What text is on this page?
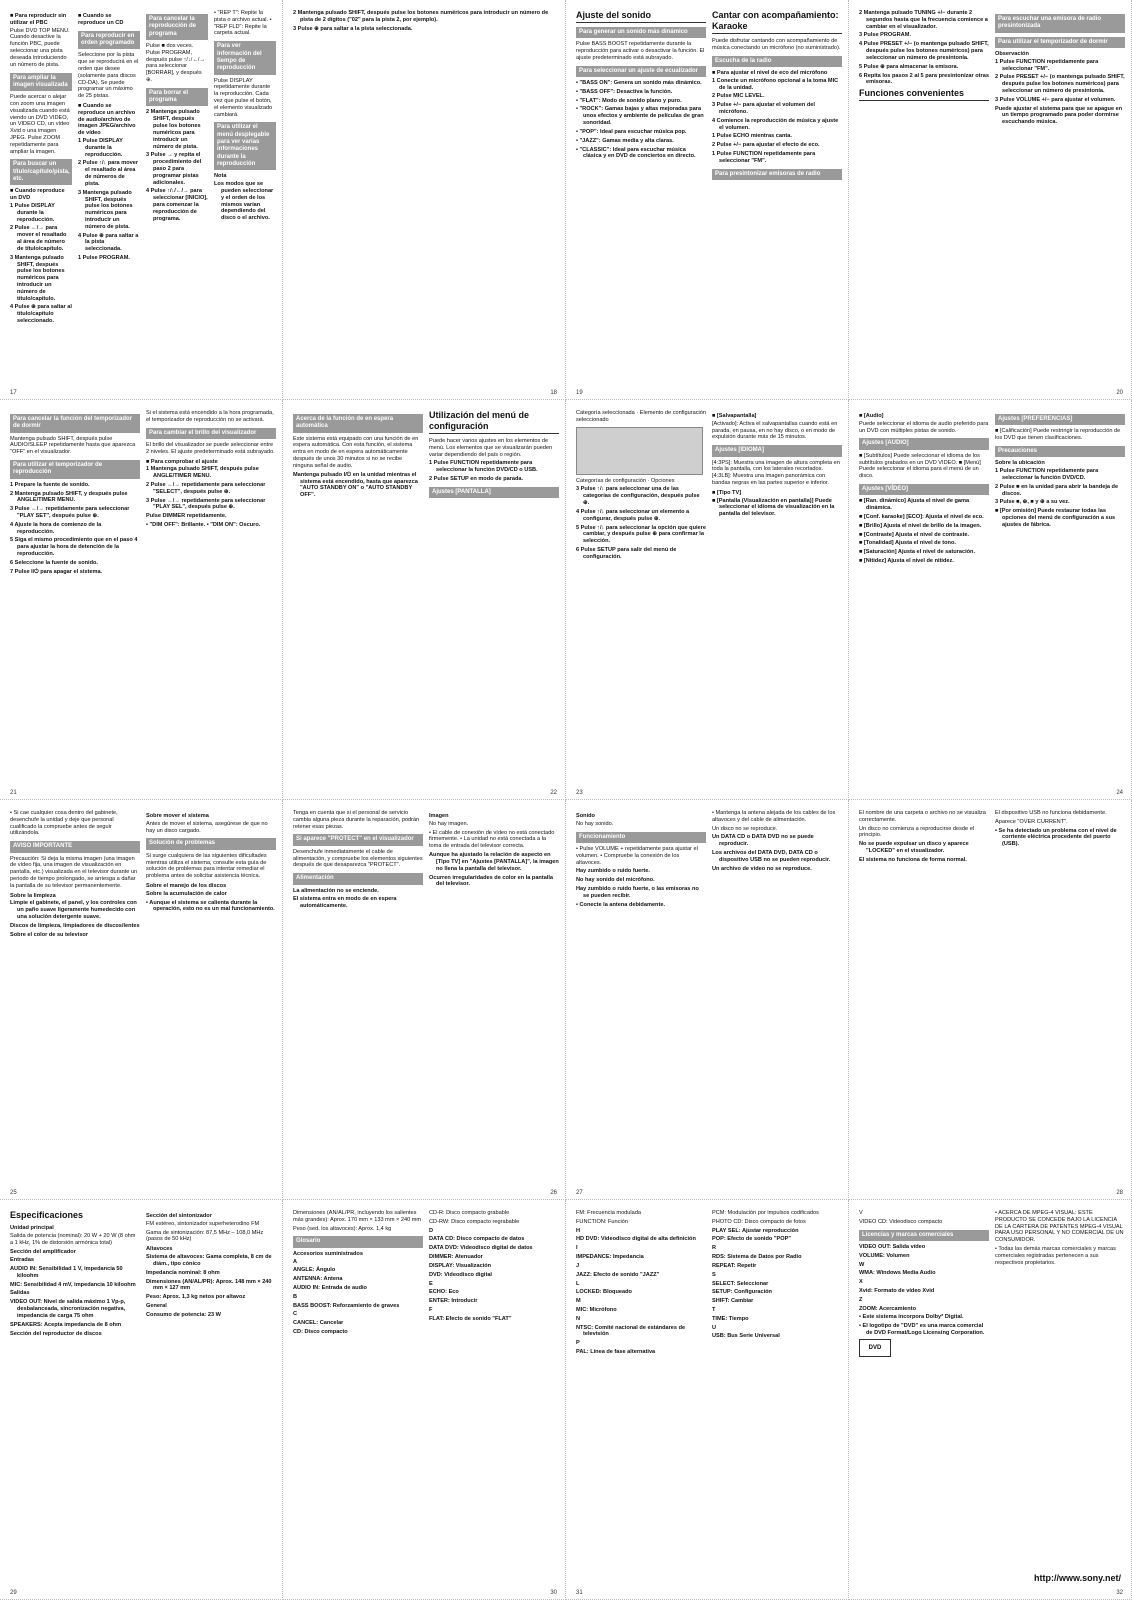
■ Para reproducir sin utilizar el PBC
Pulse DVD TOP MENU. Cuando desactive la función PBC, puede seleccionar una pista deseada introduciendo un número de pista.
Para ampliar la imagen visualizada
Puede acercar o alejar con zoom una imagen visualizada cuando está viendo un DVD VIDEO, un VIDEO CD, un vídeo Xvid o una imagen JPEG. Pulse ZOOM repetidamente para ampliar la imagen.
Para buscar un título/capítulo/pista, etc.
■ Cuando reproduce un DVD
1 Pulse DISPLAY durante la reproducción.
2 Pulse ←/→ para mover el resaltado al área de número de título/capítulo.
3 Mantenga pulsado SHIFT, después pulse los botones numéricos para introducir un número de título/capítulo.
4 Pulse ⊕ para saltar al título/capítulo seleccionado.
■ Cuando se reproduce un CD
Para reproducir en orden programado
Seleccione por la pista que se reproducirá en el orden que desee (solamente para discos CD-DA). Se puede programar un máximo de 25 pistas.
■ Cuando se reproduce un archivo de audio/archivo de imagen JPEG/archivo de vídeo
1 Pulse DISPLAY durante la reproducción.
2 Pulse ↑/↓ para mover el resaltado al área de números de pista.
3 Mantenga pulsado SHIFT, después pulse los botones numéricos para introducir un número de pista.
4 Pulse ⊕ para saltar a la pista seleccionada.
1 Pulse PROGRAM.
Para cancelar la reproducción de programa
Pulse ■ dos veces. Pulse PROGRAM, después pulse ↑/↓/←/→ para seleccionar [BORRAR], y después ⊕.
Para borrar el programa
2 Mantenga pulsado SHIFT, después pulse los botones numéricos para introducir un número de pista.
3 Pulse → y repita el procedimiento del paso 2 para programar pistas adicionales.
4 Pulse ↑/↓/←/→ para seleccionar [INICIO], para comenzar la reproducción de programa.
• "REP T": Repite la pista o archivo actual. • "REP FLD": Repite la carpeta actual.
Para ver información del tiempo de reproducción
Pulse DISPLAY repetidamente durante la reproducción. Cada vez que pulse el botón, el elemento visualizado cambiará.
Para utilizar el menú desplegable para ver varias informaciones durante la reproducción
Nota
Los modos que se pueden seleccionar y el orden de los mismos varían dependiendo del disco o el archivo.
17
2 Mantenga pulsado SHIFT, después pulse los botones numéricos para introducir un número de pista de 2 dígitos ("02" para la pista 2, por ejemplo).
3 Pulse ⊕ para saltar a la pista seleccionada.
18
Ajuste del sonido
Para generar un sonido más dinámico
Pulse BASS BOOST repetidamente durante la reproducción para activar o desactivar la función. El ajuste predeterminado está subrayado.
Para seleccionar un ajuste de ecualizador
• "BASS ON": Genera un sonido más dinámico.
• "BASS OFF": Desactiva la función.
• "FLAT": Modo de sonido plano y puro.
• "ROCK": Gamas bajas y altas mejoradas para unos efectos y ambiente de películas de gran sonoridad.
• "POP": Ideal para escuchar música pop.
• "JAZZ": Gamas media y alta claras.
• "CLASSIC": Ideal para escuchar música clásica y en DVD de conciertos en directo.
Cantar con acompañamiento: Karaoke
Puede disfrutar cantando con acompañamiento de música conectando un micrófono (no suministrado).
Escucha de la radio
■ Para ajustar el nivel de eco del micrófono
1 Conecte un micrófono opcional a la toma MIC de la unidad.
2 Pulse MIC LEVEL.
3 Pulse +/− para ajustar el volumen del micrófono.
4 Comience la reproducción de música y ajuste el volumen.
1 Pulse ECHO mientras canta.
2 Pulse +/− para ajustar el efecto de eco.
1 Pulse FUNCTION repetidamente para seleccionar "FM".
Para presintonizar emisoras de radio
19
2 Mantenga pulsado TUNING +/− durante 2 segundos hasta que la frecuencia comience a cambiar en el visualizador.
3 Pulse PROGRAM.
4 Pulse PRESET +/− (o mantenga pulsado SHIFT, después pulse los botones numéricos) para seleccionar un número de presintonía.
5 Pulse ⊕ para almacenar la emisora.
6 Repita los pasos 2 al 5 para presintonizar otras emisoras.
Funciones convenientes
Para escuchar una emisora de radio presintonizada
Para utilizar el temporizador de dormir
Observación
1 Pulse FUNCTION repetidamente para seleccionar "FM".
2 Pulse PRESET +/− (o mantenga pulsado SHIFT, después pulse los botones numéricos) para seleccionar un número de presintonía.
3 Pulse VOLUME +/− para ajustar el volumen.
Puede ajustar el sistema para que se apague en un tiempo programado para poder dormirse escuchando música.
20
Para cancelar la función del temporizador de dormir
Mantenga pulsado SHIFT, después pulse AUDIO/SLEEP repetidamente hasta que aparezca "OFF" en el visualizador.
Para utilizar el temporizador de reproducción
1 Prepare la fuente de sonido.
2 Mantenga pulsado SHIFT, y después pulse ANGLE/TIMER MENU.
3 Pulse ←/→ repetidamente para seleccionar "PLAY SET", después pulse ⊕.
4 Ajuste la hora de comienzo de la reproducción.
5 Siga el mismo procedimiento que en el paso 4 para ajustar la hora de detención de la reproducción.
6 Seleccione la fuente de sonido.
7 Pulse I/⏻ para apagar el sistema.
Si el sistema está encendido a la hora programada, el temporizador de reproducción no se activará.
Para cambiar el brillo del visualizador
El brillo del visualizador se puede seleccionar entre 2 niveles. El ajuste predeterminado está subrayado.
■ Para comprobar el ajuste
1 Mantenga pulsado SHIFT, después pulse ANGLE/TIMER MENU.
2 Pulse ←/→ repetidamente para seleccionar "SELECT", después pulse ⊕.
3 Pulse ←/→ repetidamente para seleccionar "PLAY SEL", después pulse ⊕.
Pulse DIMMER repetidamente.
• "DIM OFF": Brillante. • "DIM ON": Oscuro.
21
Acerca de la función de en espera automática
Este sistema está equipado con una función de en espera automática. Con esta función, el sistema entra en modo de en espera automáticamente después de unos 30 minutos si no se recibe ninguna señal de audio.
Mantenga pulsado I/⏻ en la unidad mientras el sistema está encendido, hasta que aparezca "AUTO STANDBY ON" o "AUTO STANDBY OFF".
Utilización del menú de configuración
Puede hacer varios ajustes en los elementos de menú. Los elementos que se visualizarán pueden variar dependiendo del país o región.
1 Pulse FUNCTION repetidamente para seleccionar la función DVD/CD o USB.
2 Pulse SETUP en modo de parada.
Ajustes [PANTALLA]
22
Categoría seleccionada · Elemento de configuración seleccionado
Categorías de configuración · Opciones
3 Pulse ↑/↓ para seleccionar una de las categorías de configuración, después pulse ⊕.
4 Pulse ↑/↓ para seleccionar un elemento a configurar, después pulse ⊕.
5 Pulse ↑/↓ para seleccionar la opción que quiere cambiar, y después pulse ⊕ para confirmar la selección.
6 Pulse SETUP para salir del menú de configuración.
■ [Salvapantalla]
[Activado]: Activa el salvapantallas cuando está en parada, en pausa, en no hay disco, o en modo de expulsión durante más de 15 minutos.
Ajustes [IDIOMA]
[4:3PS]: Muestra una imagen de altura completa en toda la pantalla, con los laterales recortados. [4:3LB]: Muestra una imagen panorámica con bandas negras en las partes superior e inferior.
■ [Tipo TV]
■ [Pantalla (Visualización en pantalla)] Puede seleccionar el idioma de visualización en la pantalla del televisor.
23
■ [Audio]
Puede seleccionar el idioma de audio preferido para un DVD con múltiples pistas de sonido.
Ajustes [AUDIO]
■ [Subtítulos] Puede seleccionar el idioma de los subtítulos grabados en un DVD VIDEO. ■ [Menú] Puede seleccionar el idioma para el menú de un disco.
Ajustes [VÍDEO]
■ [Ran. dinámico] Ajusta el nivel de gama dinámica.
■ [Conf. karaoke] [ECO]: Ajusta el nivel de eco.
■ [Brillo] Ajusta el nivel de brillo de la imagen.
■ [Contraste] Ajusta el nivel de contraste.
■ [Tonalidad] Ajusta el nivel de tono.
■ [Saturación] Ajusta el nivel de saturación.
■ [Nitidez] Ajusta el nivel de nitidez.
Ajustes [PREFERENCIAS]
■ [Calificación] Puede restringir la reproducción de los DVD que tienen clasificaciones.
Precauciones
Sobre la ubicación
1 Pulse FUNCTION repetidamente para seleccionar la función DVD/CD.
2 Pulse ■ en la unidad para abrir la bandeja de discos.
3 Pulse ■, ⊕, ■ y ⊕ a su vez.
■ [Por omisión] Puede restaurar todas las opciones del menú de configuración a sus ajustes de fábrica.
24
• Si cae cualquier cosa dentro del gabinete, desenchufe la unidad y deje que personal cualificado la compruebe antes de seguir utilizándola.
AVISO IMPORTANTE
Precaución: Si deja la misma imagen (una imagen de vídeo fija, una imagen de visualización en pantalla, etc.) visualizada en el televisor durante un periodo de tiempo prolongado, se arriesga a dañar la pantalla de su televisor permanentemente.
Sobre la limpieza
Limpie el gabinete, el panel, y los controles con un paño suave ligeramente humedecido con una solución detergente suave.
Discos de limpieza, limpiadores de discos/lentes
Sobre el color de su televisor
Sobre mover el sistema
Antes de mover el sistema, asegúrese de que no hay un disco cargado.
Solución de problemas
Si surge cualquiera de las siguientes dificultades mientras utiliza el sistema, consulte esta guía de solución de problemas para intentar remediar el problema antes de solicitar asistencia técnica.
Sobre el manejo de los discos
Sobre la acumulación de calor
• Aunque el sistema se calienta durante la operación, esto no es un mal funcionamiento.
25
Tenga en cuenta que si el personal de servicio cambia alguna pieza durante la reparación, podrán retener esas piezas.
Si aparece "PROTECT" en el visualizador
Desenchufe inmediatamente el cable de alimentación, y compruebe los elementos siguientes después de que desaparezca "PROTECT".
Alimentación
La alimentación no se enciende.
El sistema entra en modo de en espera automáticamente.
Imagen
No hay imagen.
• El cable de conexión de vídeo no está conectado firmemente. • La unidad no está conectada a la toma de entrada del televisor correcta.
Aunque ha ajustado la relación de aspecto en [Tipo TV] en "Ajustes [PANTALLA]", la imagen no llena la pantalla del televisor.
Ocurren irregularidades de color en la pantalla del televisor.
26
Sonido
No hay sonido.
Funcionamiento
• Pulse VOLUME + repetidamente para ajustar el volumen. • Compruebe la conexión de los altavoces.
Hay zumbido o ruido fuerte.
No hay sonido del micrófono.
Hay zumbido o ruido fuerte, o las emisoras no se pueden recibir.
• Conecte la antena debidamente.
• Mantenga la antena alejada de los cables de los altavoces y del cable de alimentación.
Un disco no se reproduce.
Un DATA CD o DATA DVD no se puede reproducir.
Los archivos del DATA DVD, DATA CD o dispositivo USB no se pueden reproducir.
Un archivo de vídeo no se reproduce.
27
El nombre de una carpeta o archivo no se visualiza correctamente.
Un disco no comienza a reproducirse desde el principio.
No se puede expulsar un disco y aparece "LOCKED" en el visualizador.
El sistema no funciona de forma normal.
El dispositivo USB no funciona debidamente.
Aparece "OVER CURRENT".
• Se ha detectado un problema con el nivel de corriente eléctrica procedente del puerto (USB).
28
Especificaciones
Unidad principal
Salida de potencia (nominal): 20 W + 20 W (8 ohm a 1 kHz, 1% de distorsión armónica total)
Sección del amplificador
Entradas
AUDIO IN: Sensibilidad 1 V, impedancia 50 kiloohm
MIC: Sensibilidad 4 mV, impedancia 10 kiloohm
Salidas
VIDEO OUT: Nivel de salida máximo 1 Vp-p, desbalanceada, sincronización negativa, impedancia de carga 75 ohm
SPEAKERS: Acepta impedancia de 8 ohm
Sección del reproductor de discos
Sección del sintonizador
FM estéreo, sintonizador superheterodino FM
Gama de sintonización: 87,5 MHz – 108,0 MHz (pasos de 50 kHz)
Altavoces
Sistema de altavoces: Gama completa, 8 cm de diám., tipo cónico
Impedancia nominal: 8 ohm
Dimensiones (AN/AL/PR): Aprox. 148 mm × 240 mm × 127 mm
Peso: Aprox. 1,3 kg netos por altavoz
General
Consumo de potencia: 23 W
29
Dimensiones (AN/AL/PR, incluyendo los salientes más grandes): Aprox. 170 mm × 133 mm × 240 mm
Peso (sed. los altavoces): Aprox. 1,4 kg
Glosario
Accesorios suministrados
A
ANGLE: Ángulo
ANTENNA: Antena
AUDIO IN: Entrada de audio
B
BASS BOOST: Reforzamiento de graves
C
CANCEL: Cancelar
CD: Disco compacto
CD-R: Disco compacto grabable
CD-RW: Disco compacto regrabable
D
DATA CD: Disco compacto de datos
DATA DVD: Videodisco digital de datos
DIMMER: Atenuador
DISPLAY: Visualización
DVD: Videodisco digital
E
ECHO: Eco
ENTER: Introducir
F
FLAT: Efecto de sonido "FLAT"
30
FM: Frecuencia modulada
FUNCTION: Función
H
HD DVD: Videodisco digital de alta definición
I
IMPEDANCE: Impedancia
J
JAZZ: Efecto de sonido "JAZZ"
L
LOCKED: Bloqueado
M
MIC: Micrófono
N
NTSC: Comité nacional de estándares de televisión
P
PAL: Línea de fase alternativa
PCM: Modulación por impulsos codificados
PHOTO CD: Disco compacto de fotos
PLAY SEL: Ajustar reproducción
POP: Efecto de sonido "POP"
R
RDS: Sistema de Datos por Radio
REPEAT: Repetir
S
SELECT: Seleccionar
SETUP: Configuración
SHIFT: Cambiar
T
TIME: Tiempo
U
USB: Bus Serie Universal
31
V
VIDEO CD: Videodisco compacto
Licencias y marcas comerciales
VIDEO OUT: Salida vídeo
VOLUME: Volumen
W
WMA: Windows Media Audio
X
Xvid: Formato de vídeo Xvid
Z
ZOOM: Acercamiento
• Este sistema incorpora Dolby* Digital.
• El logotipo de "DVD" es una marca comercial de DVD Format/Logo Licensing Corporation.
DVD
• ACERCA DE MPEG-4 VISUAL: ESTE PRODUCTO SE CONCEDE BAJO LA LICENCIA DE LA CARTERA DE PATENTES MPEG-4 VISUAL PARA USO PERSONAL Y NO COMERCIAL DE UN CONSUMIDOR.
• Todas las demás marcas comerciales y marcas comerciales registradas pertenecen a sus respectivos propietarios.
32
http://www.sony.net/
